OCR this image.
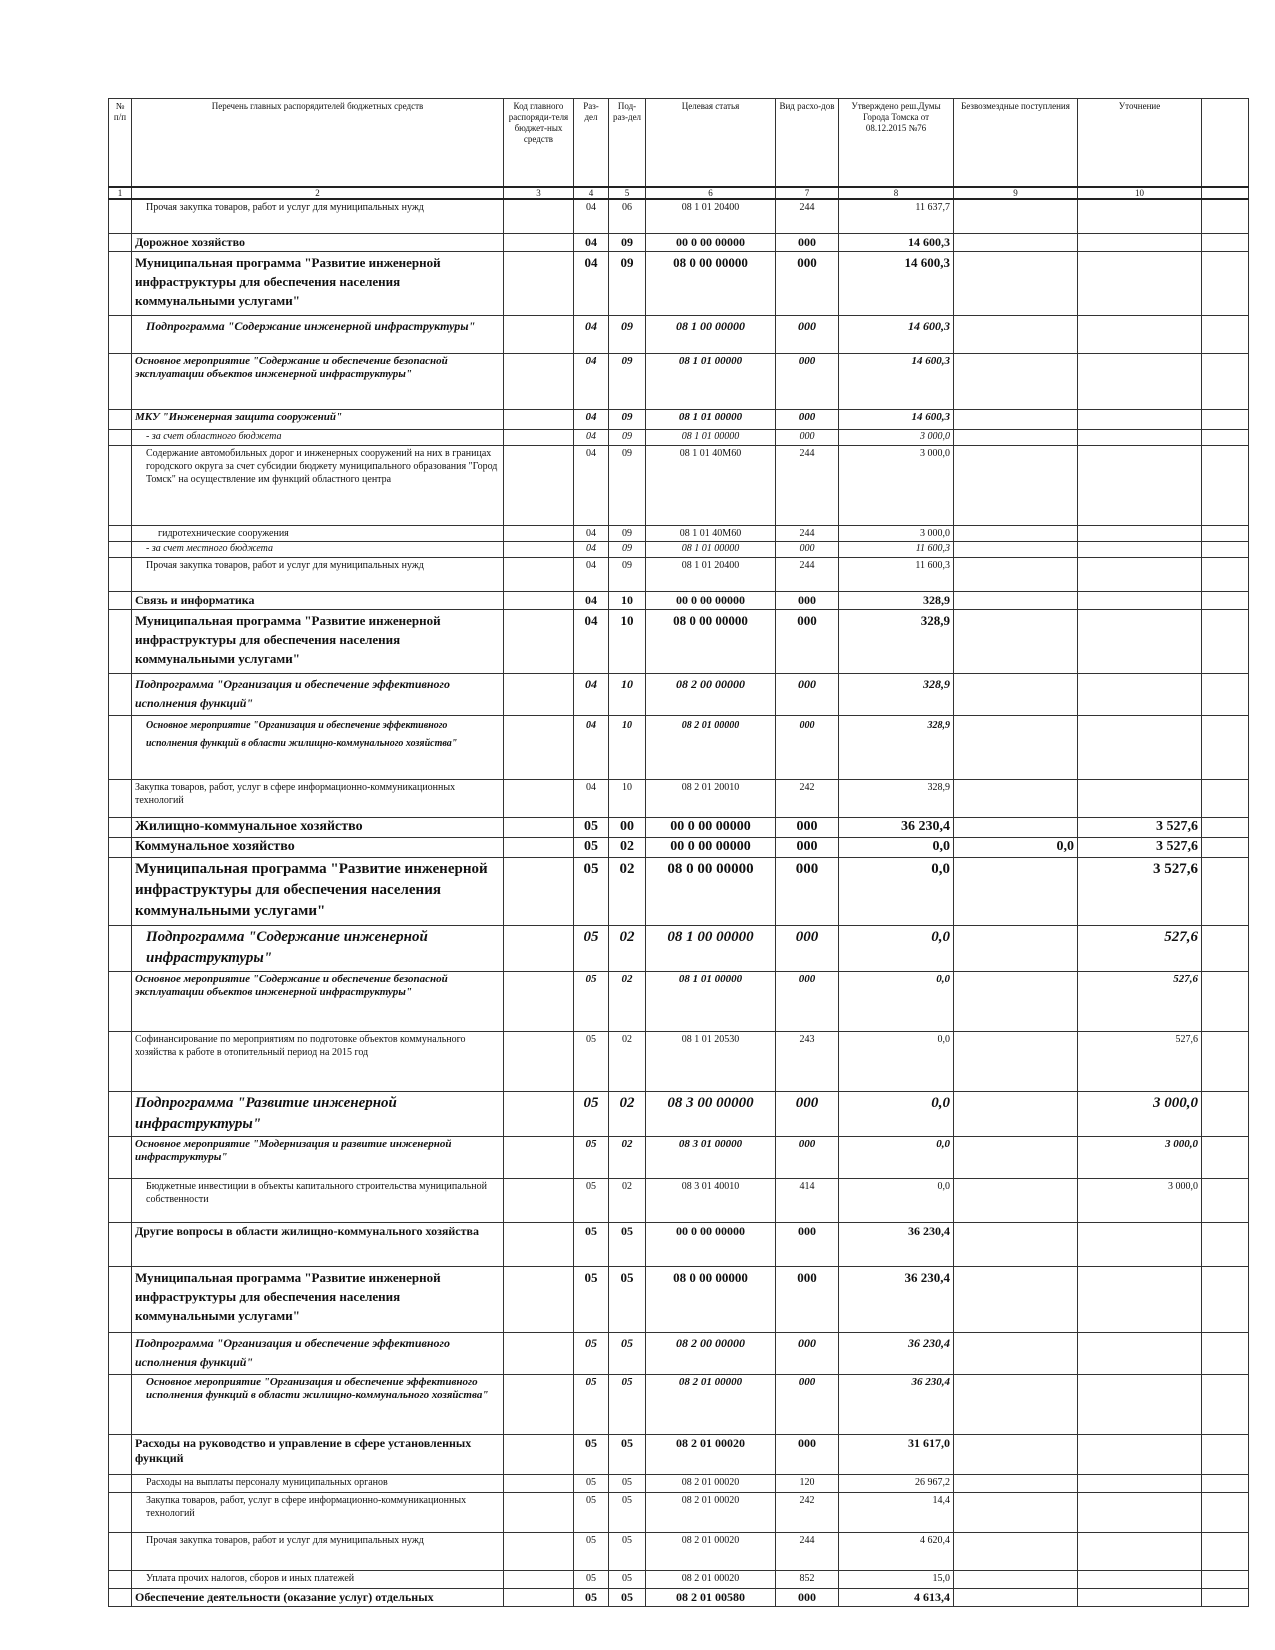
№ п/п	Перечень главных распорядителей бюджетных средств	Код главного распоряди-теля бюджет-ных средств	Раз-дел	Под-раз-дел	Целевая статья	Вид расхо-дов	Утверждено реш.Думы Города Томска от 08.12.2015 №76	Безвозмездные поступления	Уточнение	
1	2	3	4	5	6	7	8	9	10	
	Прочая закупка товаров, работ и услуг для муниципальных нужд		04	06	08 1 01 20400	244	11 637,7			
	Дорожное хозяйство		04	09	00 0 00 00000	000	14 600,3			
	Муниципальная программа "Развитие инженерной инфраструктуры для обеспечения населения коммунальными услугами"		04	09	08 0 00 00000	000	14 600,3			
	Подпрограмма "Содержание инженерной инфраструктуры"		04	09	08 1 00 00000	000	14 600,3			
	Основное мероприятие "Содержание и обеспечение безопасной эксплуатации объектов инженерной инфраструктуры"		04	09	08 1 01 00000	000	14 600,3			
	МКУ "Инженерная защита сооружений"		04	09	08 1 01 00000	000	14 600,3			
	- за счет областного бюджета		04	09	08 1 01 00000	000	3 000,0			
	Содержание автомобильных дорог и инженерных сооружений на них в границах городского округа за счет субсидии бюджету муниципального образования "Город Томск" на осуществление им функций областного центра		04	09	08 1 01 40М60	244	3 000,0			
	гидротехнические сооружения		04	09	08 1 01 40М60	244	3 000,0			
	- за счет местного бюджета		04	09	08 1 01 00000	000	11 600,3			
	Прочая закупка товаров, работ и услуг для муниципальных нужд		04	09	08 1 01 20400	244	11 600,3			
	Связь и информатика		04	10	00 0 00 00000	000	328,9			
	Муниципальная программа "Развитие инженерной инфраструктуры для обеспечения населения коммунальными услугами"		04	10	08 0 00 00000	000	328,9			
	Подпрограмма "Организация и обеспечение эффективного исполнения функций"		04	10	08 2 00 00000	000	328,9			
	Основное мероприятие "Организация и обеспечение эффективного исполнения функций в области жилищно-коммунального хозяйства"		04	10	08 2 01 00000	000	328,9			
	Закупка товаров, работ, услуг в сфере информационно-коммуникационных технологий		04	10	08 2 01 20010	242	328,9			
	Жилищно-коммунальное хозяйство		05	00	00 0 00 00000	000	36 230,4		3 527,6	
	Коммунальное хозяйство		05	02	00 0 00 00000	000	0,0	0,0	3 527,6	
	Муниципальная программа "Развитие инженерной инфраструктуры для обеспечения населения коммунальными услугами"		05	02	08 0 00 00000	000	0,0		3 527,6	
	Подпрограмма "Содержание инженерной инфраструктуры"		05	02	08 1 00 00000	000	0,0		527,6	
	Основное мероприятие "Содержание и обеспечение безопасной эксплуатации объектов инженерной инфраструктуры"		05	02	08 1 01 00000	000	0,0		527,6	
	Софинансирование по мероприятиям по подготовке объектов коммунального хозяйства к работе в отопительный период на 2015 год		05	02	08 1 01 20530	243	0,0		527,6	
	Подпрограмма "Развитие инженерной инфраструктуры"		05	02	08 3 00 00000	000	0,0		3 000,0	
	Основное мероприятие "Модернизация и развитие инженерной инфраструктуры"		05	02	08 3 01 00000	000	0,0		3 000,0	
	Бюджетные инвестиции в объекты капитального строительства муниципальной собственности		05	02	08 3 01 40010	414	0,0		3 000,0	
	Другие вопросы в области жилищно-коммунального хозяйства		05	05	00 0 00 00000	000	36 230,4			
	Муниципальная программа "Развитие инженерной инфраструктуры для обеспечения населения коммунальными услугами"		05	05	08 0 00 00000	000	36 230,4			
	Подпрограмма "Организация и обеспечение эффективного исполнения функций"		05	05	08 2 00 00000	000	36 230,4			
	Основное мероприятие "Организация и обеспечение эффективного исполнения функций в области жилищно-коммунального хозяйства"		05	05	08 2 01 00000	000	36 230,4			
	Расходы на руководство и управление в сфере установленных функций		05	05	08 2 01 00020	000	31 617,0			
	Расходы на выплаты персоналу муниципальных органов		05	05	08 2 01 00020	120	26 967,2			
	Закупка товаров, работ, услуг в сфере информационно-коммуникационных технологий		05	05	08 2 01 00020	242	14,4			
	Прочая закупка товаров, работ и услуг для муниципальных нужд		05	05	08 2 01 00020	244	4 620,4			
	Уплата прочих налогов, сборов и иных платежей		05	05	08 2 01 00020	852	15,0			
	Обеспечение деятельности (оказание услуг) отдельных		05	05	08 2 01 00580	000	4 613,4			
